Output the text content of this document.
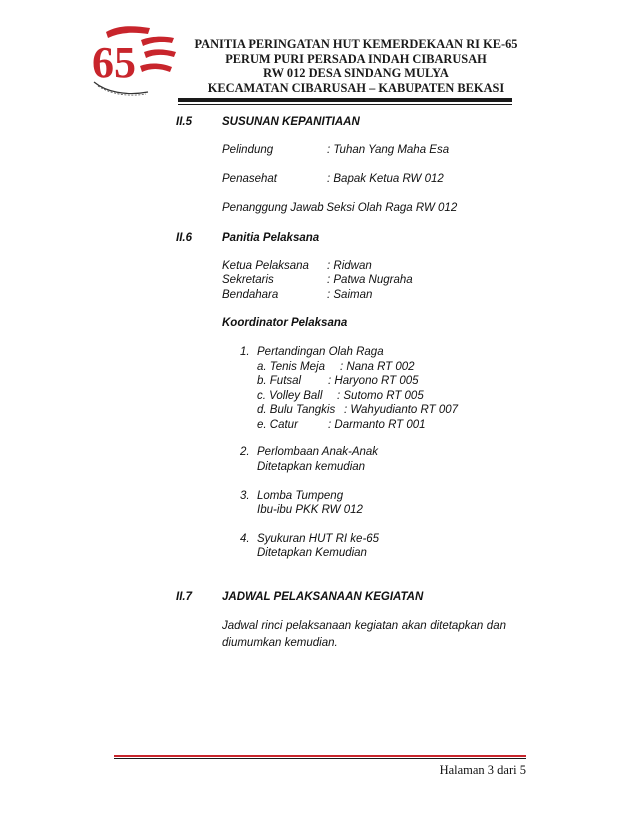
65	PANITIA PERINGATAN HUT KEMERDEKAAN RI KE-65
PERUM PURI PERSADA INDAH CIBARUSAH
RW 012 DESA SINDANG MULYA
KECAMATAN CIBARUSAH – KABUPATEN BEKASI
II.5	SUSUNAN KEPANITIAAN
Pelindung	: Tuhan Yang Maha Esa
Penasehat	: Bapak Ketua RW 012
Penanggung Jawab
: Seksi Olah Raga RW 012
II.6	Panitia Pelaksana
Ketua Pelaksana : Ridwan
Sekretaris	: Patwa Nugraha
Bendahara	: Saiman
Koordinator Pelaksana
1. Pertandingan Olah Raga
a. Tenis Meja : Nana RT 002
b. Futsal : Haryono RT 005
c. Volley Ball : Sutomo RT 005
d. Bulu Tangkis : Wahyudianto RT 007
e. Catur	: Darmanto RT 001
2. Perlombaan Anak-Anak
Ditetapkan kemudian
3. Lomba Tumpeng
Ibu-ibu PKK RW 012
4. Syukuran HUT RI ke-65
Ditetapkan Kemudian
II.7	JADWAL PELAKSANAAN KEGIATAN
Jadwal rinci pelaksanaan kegiatan akan ditetapkan dan diumumkan kemudian.
Halaman 3 dari 5
